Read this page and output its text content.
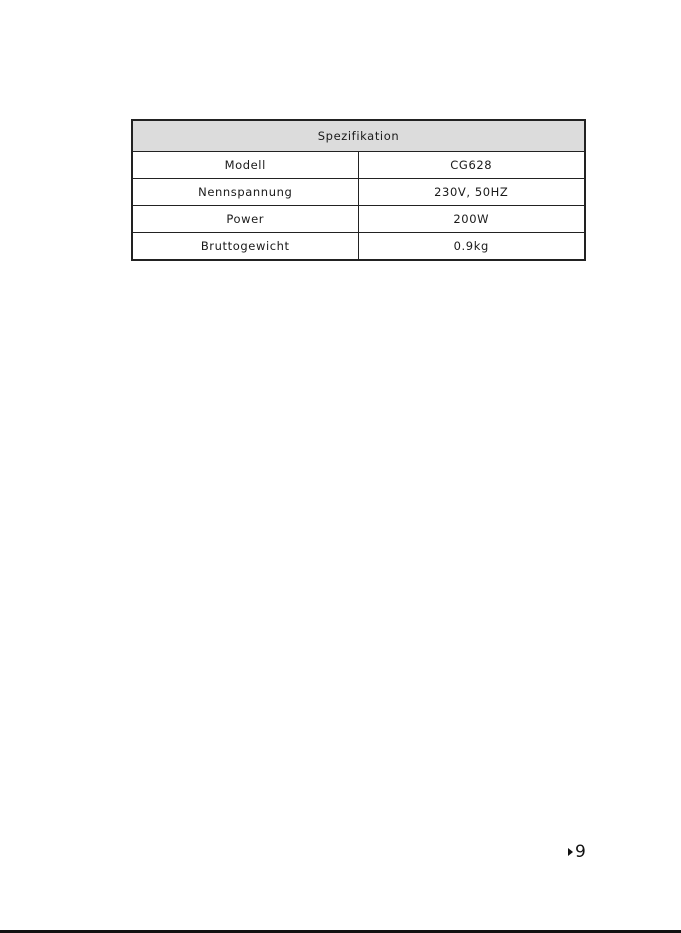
Spezifikation	
Modell	CG628
Nennspannung	230V, 50HZ
Power	200W
Bruttogewicht	0.9kg
9
